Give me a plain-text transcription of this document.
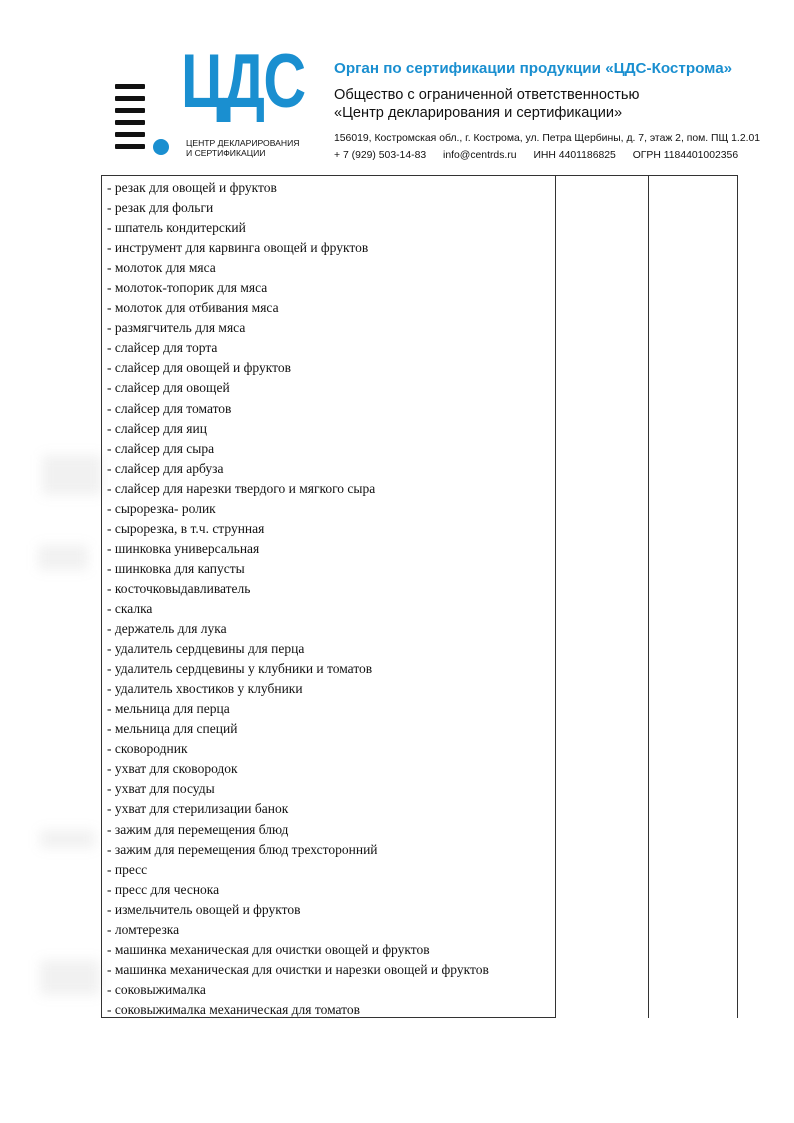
ЦДС
ЦЕНТР ДЕКЛАРИРОВАНИЯ
И СЕРТИФИКАЦИИ
Орган по сертификации продукции «ЦДС-Кострома»
Общество с ограниченной ответственностью
«Центр декларирования и сертификации»
156019, Костромская обл., г. Кострома, ул. Петра Щербины, д. 7, этаж 2, пом. ПЩ 1.2.01
+ 7 (929) 503-14-83 info@centrds.ru ИНН 4401186825 ОГРН 1184401002356
- резак для овощей и фруктов
- резак для фольги
- шпатель кондитерский
- инструмент для карвинга овощей и фруктов
- молоток для мяса
- молоток-топорик для мяса
- молоток для отбивания мяса
- размягчитель для мяса
- слайсер для торта
- слайсер для овощей и фруктов
- слайсер для овощей
- слайсер для томатов
- слайсер для яиц
- слайсер для сыра
- слайсер для арбуза
- слайсер для нарезки твердого и мягкого сыра
- сырорезка- ролик
- сырорезка, в т.ч. струнная
- шинковка универсальная
- шинковка для капусты
- косточковыдавливатель
- скалка
- держатель для лука
- удалитель сердцевины для перца
- удалитель сердцевины у клубники и томатов
- удалитель хвостиков у клубники
- мельница для перца
- мельница для специй
- сковородник
- ухват для сковородок
- ухват для посуды
- ухват для стерилизации банок
- зажим для перемещения блюд
- зажим для перемещения блюд трехсторонний
- пресс
- пресс для чеснока
- измельчитель овощей и фруктов
- ломтерезка
- машинка механическая для очистки овощей и фруктов
- машинка механическая для очистки и нарезки овощей и фруктов
- соковыжималка
- соковыжималка механическая для томатов
